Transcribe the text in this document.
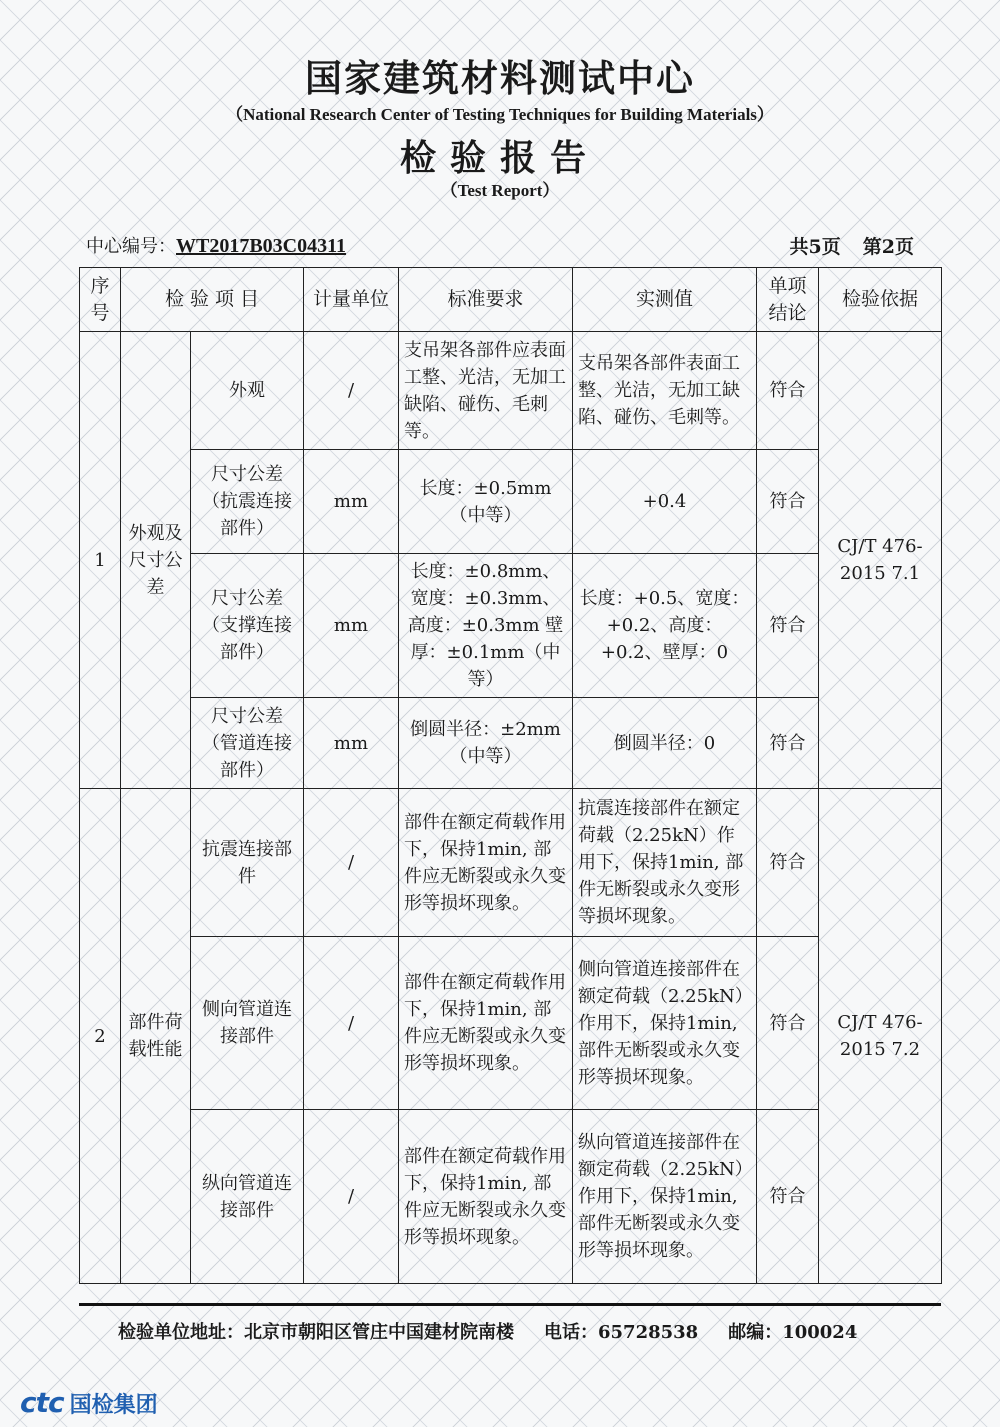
国家建筑材料测试中心
（National Research Center of Testing Techniques for Building Materials）
检验报告
（Test Report）
中心编号：WT2017B03C04311	共5页 第2页
序号	检 验 项 目		计量单位	标准要求	实测值	单项结论	检验依据
1	外观及尺寸公差	外观	/	支吊架各部件应表面工整、光洁，无加工缺陷、碰伤、毛刺等。	支吊架各部件表面工整、光洁，无加工缺陷、碰伤、毛刺等。	符合	CJ/T 476-2015 7.1
		尺寸公差（抗震连接部件）	mm	长度：±0.5mm（中等）	+0.4	符合	
		尺寸公差（支撑连接部件）	mm	长度：±0.8mm、宽度：±0.3mm、高度：±0.3mm 壁厚：±0.1mm（中等）	长度：+0.5、宽度：+0.2、高度：+0.2、壁厚：0	符合	
		尺寸公差（管道连接部件）	mm	倒圆半径：±2mm（中等）	倒圆半径：0	符合	
2	部件荷载性能	抗震连接部件	/	部件在额定荷载作用下，保持1min, 部件应无断裂或永久变形等损坏现象。	抗震连接部件在额定荷载（2.25kN）作用下，保持1min, 部件无断裂或永久变形等损坏现象。	符合	CJ/T 476-2015 7.2
		侧向管道连接部件	/	部件在额定荷载作用下，保持1min, 部件应无断裂或永久变形等损坏现象。	侧向管道连接部件在额定荷载（2.25kN）作用下，保持1min, 部件无断裂或永久变形等损坏现象。	符合	
		纵向管道连接部件	/	部件在额定荷载作用下，保持1min, 部件应无断裂或永久变形等损坏现象。	纵向管道连接部件在额定荷载（2.25kN）作用下，保持1min, 部件无断裂或永久变形等损坏现象。	符合	
检验单位地址：北京市朝阳区管庄中国建材院南楼 电话：65728538 邮编：100024
ctc 国检集团
